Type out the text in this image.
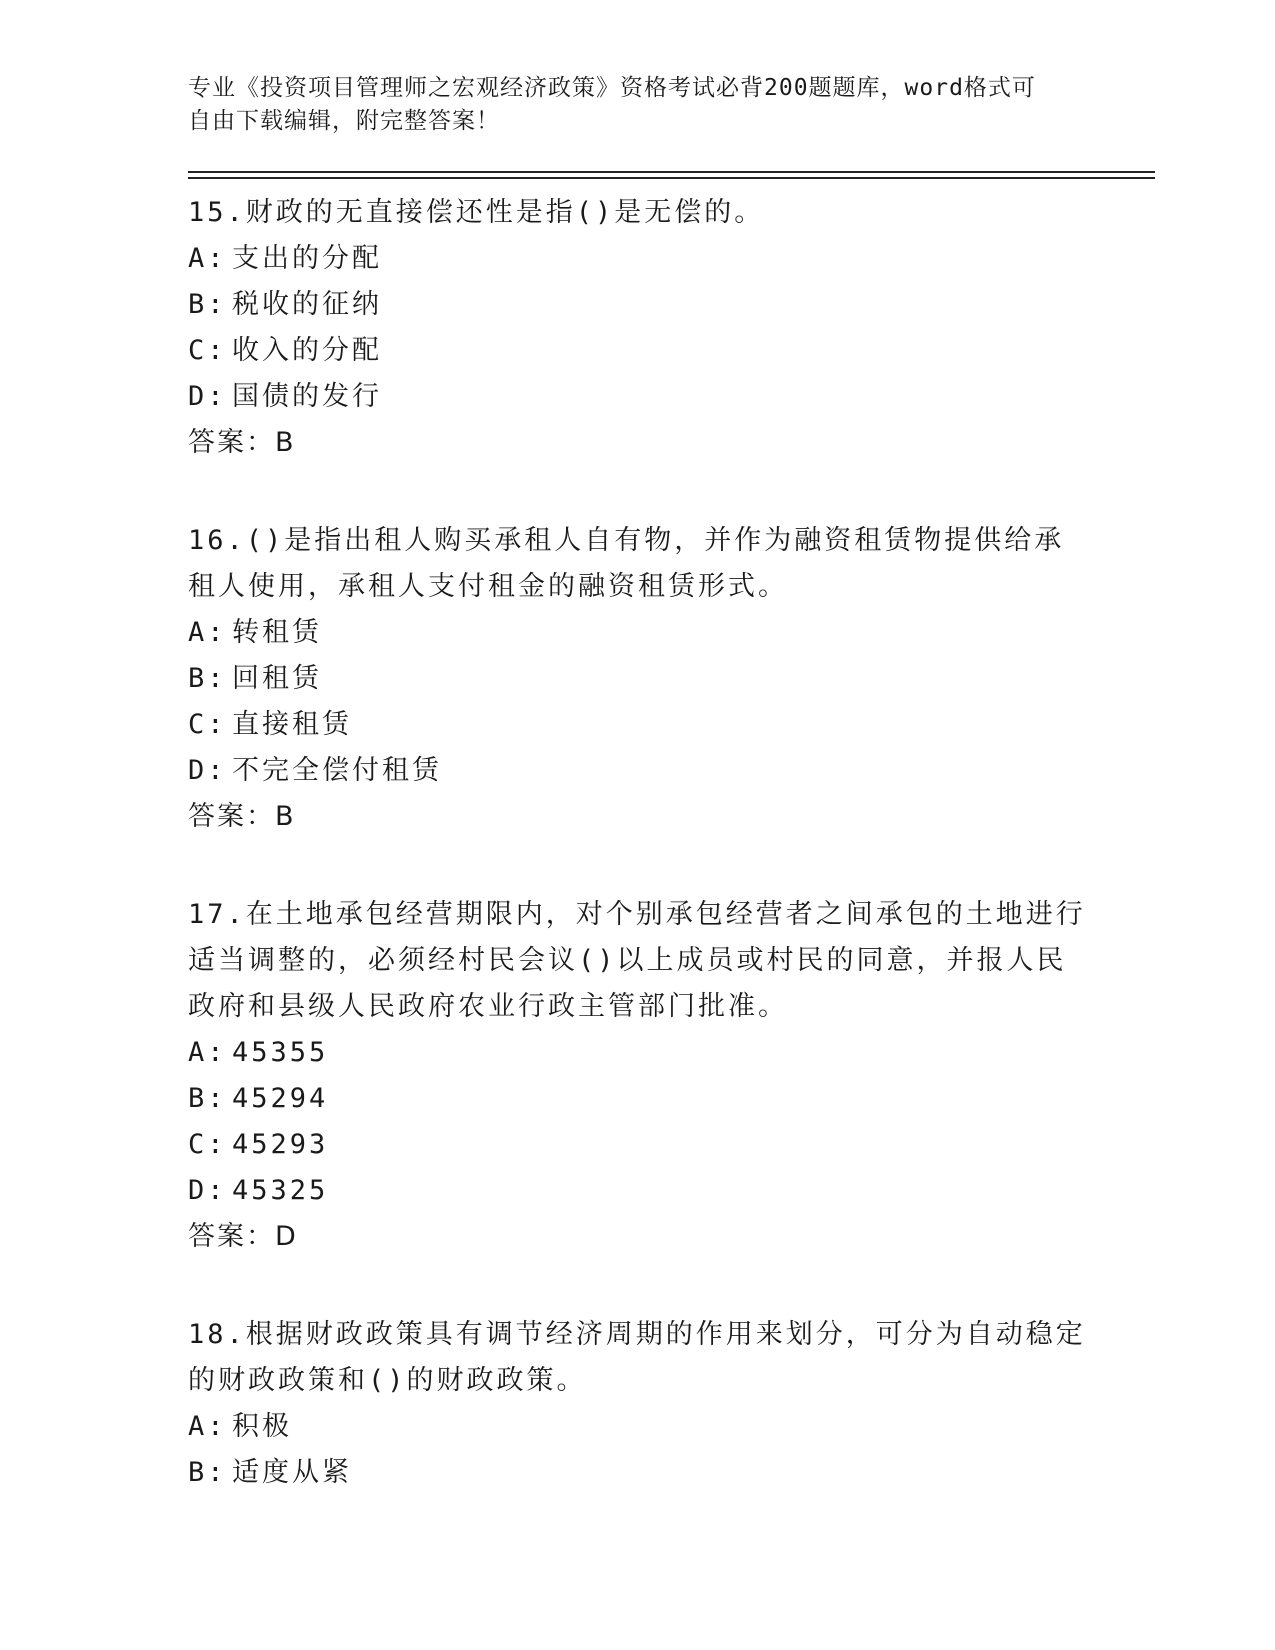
专业《投资项目管理师之宏观经济政策》资格考试必背200题题库，word格式可
自由下载编辑，附完整答案！

15.财政的无直接偿还性是指()是无偿的。

A: 支出的分配

B: 税收的征纳

C: 收入的分配

D: 国债的发行

答案：B

16.()是指出租人购买承租人自有物，并作为融资租赁物提供给承租人使用，承租人支付租金的融资租赁形式。

A: 转租赁

B: 回租赁

C: 直接租赁

D: 不完全偿付租赁

答案：B

17.在土地承包经营期限内，对个别承包经营者之间承包的土地进行适当调整的，必须经村民会议()以上成员或村民的同意，并报人民政府和县级人民政府农业行政主管部门批准。

A: 45355

B: 45294

C: 45293

D: 45325

答案：D

18.根据财政政策具有调节经济周期的作用来划分，可分为自动稳定的财政政策和()的财政政策。

A: 积极

B: 适度从紧
